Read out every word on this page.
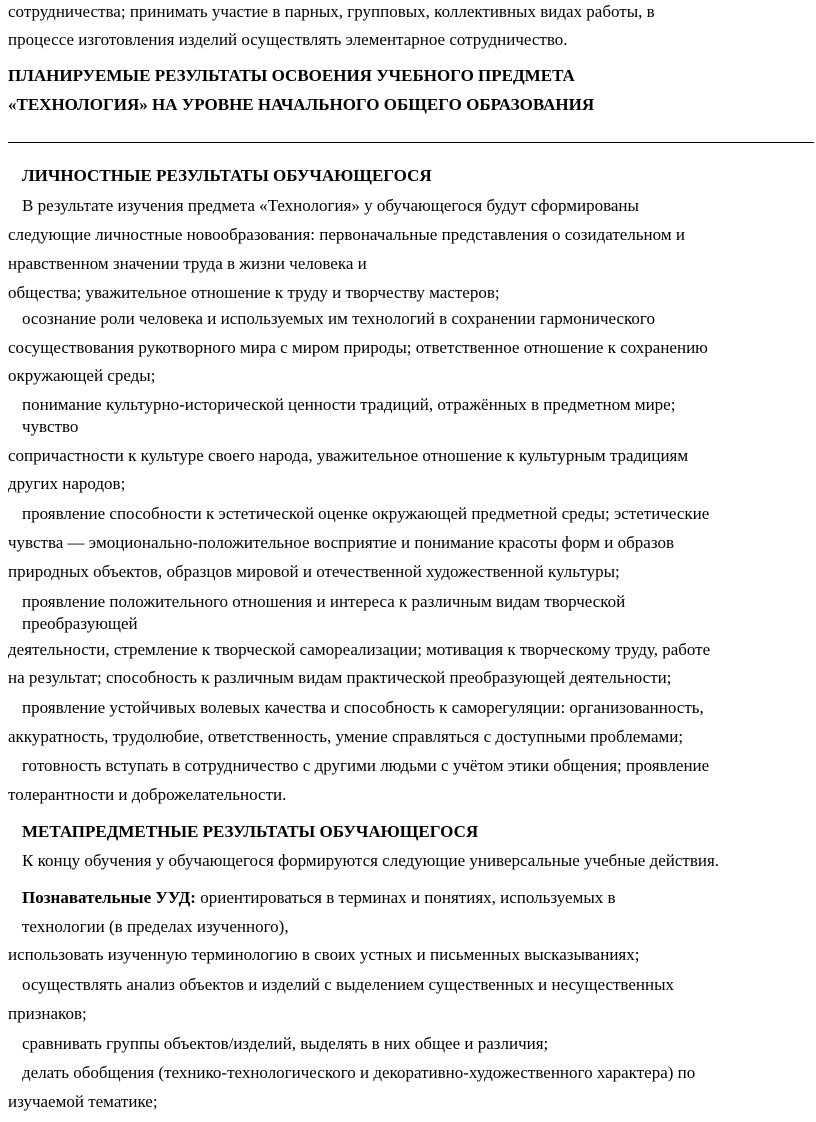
сотрудничества; принимать участие в парных, групповых, коллективных видах работы, в
процессе изготовления изделий осуществлять элементарное сотрудничество.
ПЛАНИРУЕМЫЕ РЕЗУЛЬТАТЫ ОСВОЕНИЯ УЧЕБНОГО ПРЕДМЕТА
«ТЕХНОЛОГИЯ» НА УРОВНЕ НАЧАЛЬНОГО ОБЩЕГО ОБРАЗОВАНИЯ
ЛИЧНОСТНЫЕ РЕЗУЛЬТАТЫ ОБУЧАЮЩЕГОСЯ
В результате изучения предмета «Технология» у обучающегося будут сформированы
следующие личностные новообразования: первоначальные представления о созидательном и
нравственном значении труда в жизни человека и
общества; уважительное отношение к труду и творчеству мастеров;
осознание роли человека и используемых им технологий в сохранении гармонического
сосуществования рукотворного мира с миром природы; ответственное отношение к сохранению
окружающей среды;
понимание культурно-исторической ценности традиций, отражённых в предметном мире;
чувство
сопричастности к культуре своего народа, уважительное отношение к культурным традициям
других народов;
проявление способности к эстетической оценке окружающей предметной среды; эстетические
чувства — эмоционально-положительное восприятие и понимание красоты форм и образов
природных объектов, образцов мировой и отечественной художественной культуры;
проявление положительного отношения и интереса к различным видам творческой
преобразующей
деятельности, стремление к творческой самореализации; мотивация к творческому труду, работе
на результат; способность к различным видам практической преобразующей деятельности;
проявление устойчивых волевых качества и способность к саморегуляции: организованность,
аккуратность, трудолюбие, ответственность, умение справляться с доступными проблемами;
готовность вступать в сотрудничество с другими людьми с учётом этики общения; проявление
толерантности и доброжелательности.
МЕТАПРЕДМЕТНЫЕ РЕЗУЛЬТАТЫ ОБУЧАЮЩЕГОСЯ
К концу обучения у обучающегося формируются следующие универсальные учебные действия.
Познавательные УУД: ориентироваться в терминах и понятиях, используемых в
технологии (в пределах изученного),
использовать изученную терминологию в своих устных и письменных высказываниях;
осуществлять анализ объектов и изделий с выделением существенных и несущественных
признаков;
сравнивать группы объектов/изделий, выделять в них общее и различия;
делать обобщения (технико-технологического и декоративно-художественного характера) по
изучаемой тематике;
